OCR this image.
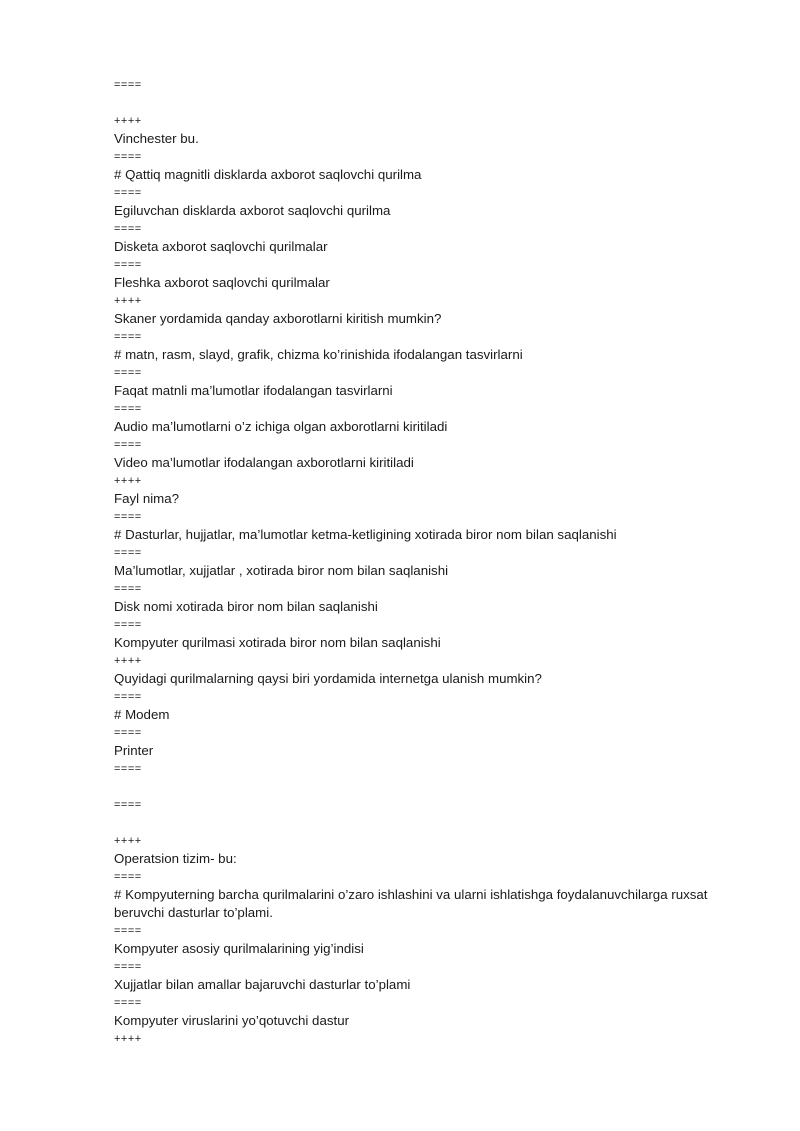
====
++++
Vinchester bu.
====
# Qattiq magnitli disklarda axborot saqlovchi qurilma
====
Egiluvchan disklarda axborot saqlovchi qurilma
====
Disketa axborot saqlovchi qurilmalar
====
Fleshka axborot saqlovchi qurilmalar
++++
Skaner yordamida qanday axborotlarni kiritish mumkin?
====
# matn, rasm, slayd, grafik, chizma ko’rinishida ifodalangan tasvirlarni
====
Faqat matnli ma’lumotlar ifodalangan tasvirlarni
====
Audio ma’lumotlarni o’z ichiga olgan axborotlarni kiritiladi
====
Video ma’lumotlar ifodalangan axborotlarni kiritiladi
++++
Fayl nima?
====
# Dasturlar, hujjatlar, ma’lumotlar ketma-ketligining xotirada biror nom bilan saqlanishi
====
Ma’lumotlar, xujjatlar , xotirada biror nom bilan saqlanishi
====
Disk nomi xotirada biror nom bilan saqlanishi
====
Kompyuter qurilmasi xotirada biror nom bilan saqlanishi
++++
Quyidagi qurilmalarning qaysi biri yordamida internetga ulanish mumkin?
====
# Modem
====
Printer
====
====
++++
Operatsion tizim- bu:
====
# Kompyuterning barcha qurilmalarini o’zaro ishlashini va ularni ishlatishga foydalanuvchilarga ruxsat beruvchi dasturlar to’plami.
====
Kompyuter asosiy qurilmalarining yig’indisi
====
Xujjatlar bilan amallar bajaruvchi dasturlar to’plami
====
Kompyuter viruslarini yo’qotuvchi dastur
++++
